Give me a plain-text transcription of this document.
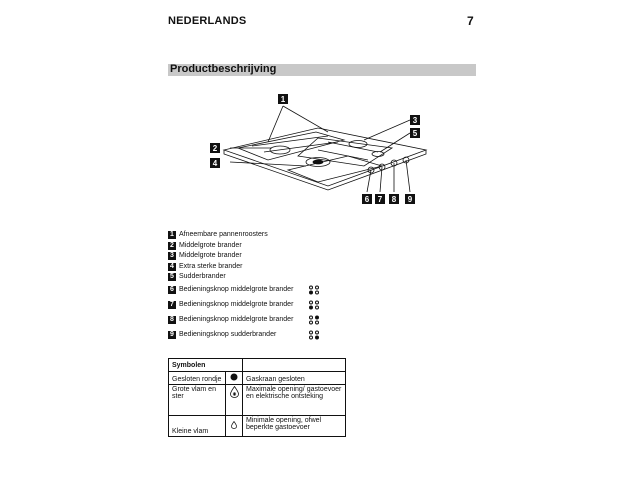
NEDERLANDS	7
Productbeschrijving
1
2
4
3
5
6 7 8 9
1 Afneembare pannenroosters
2 Middelgrote brander
3 Middelgrote brander
4 Extra sterke brander
5 Sudderbrander
6 Bedieningsknop middelgrote brander
7 Bedieningsknop middelgrote brander
8 Bedieningsknop middelgrote brander
9 Bedieningsknop sudderbrander
Symbolen		
Gesloten rondje		Gaskraan gesloten
Grote vlam en ster		Maximale opening/ gastoevoer en elektrische ontsteking
Kleine vlam		Minimale opening, ofwel beperkte gastoevoer
